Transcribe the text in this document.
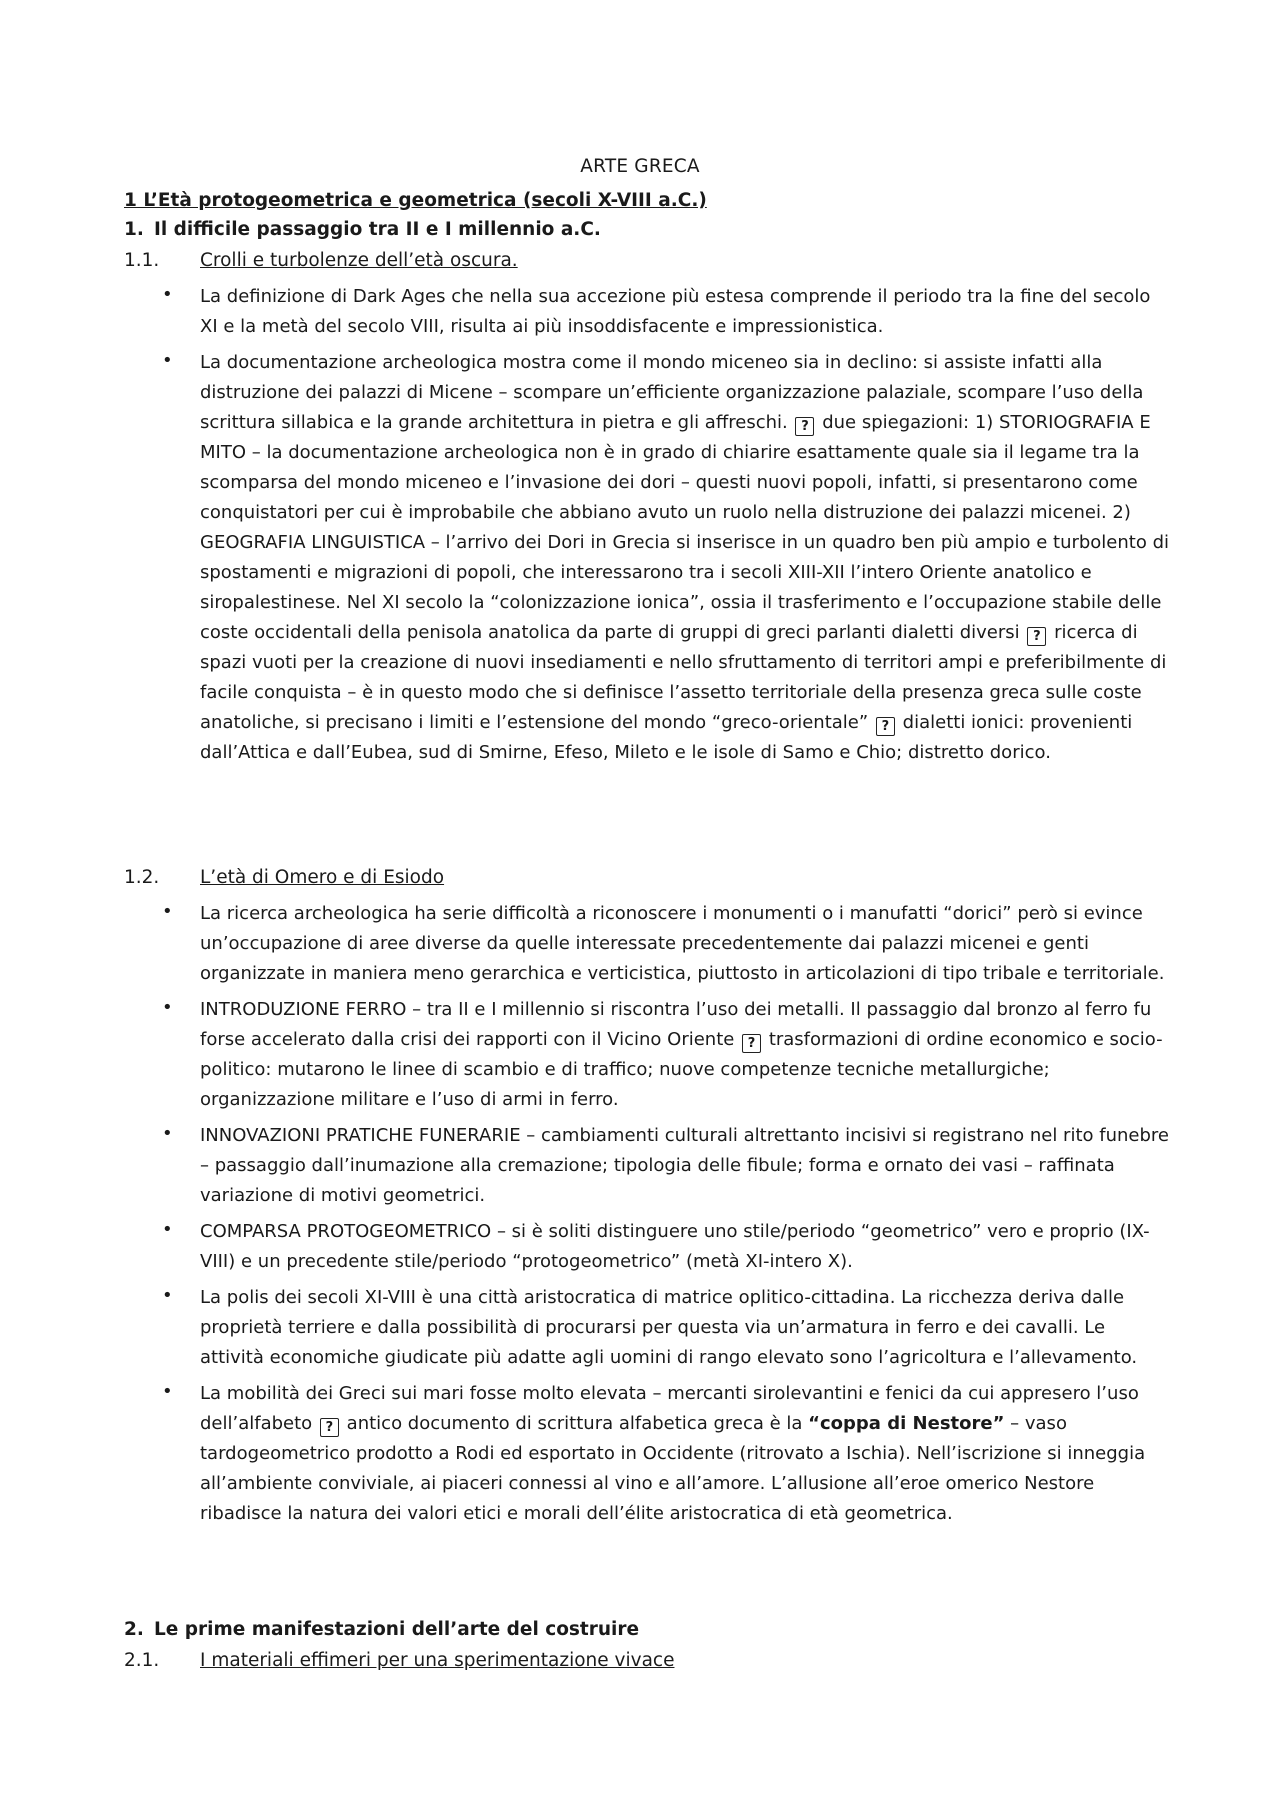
ARTE GRECA
1 L’Età protogeometrica e geometrica (secoli X-VIII a.C.)
1. Il difficile passaggio tra II e I millennio a.C.
1.1. Crolli e turbolenze dell’età oscura.
• La definizione di Dark Ages che nella sua accezione più estesa comprende il periodo tra la fine del secolo XI e la metà del secolo VIII, risulta ai più insoddisfacente e impressionistica.
• La documentazione archeologica mostra come il mondo miceneo sia in declino: si assiste infatti alla distruzione dei palazzi di Micene – scompare un’efficiente organizzazione palaziale, scompare l’uso della scrittura sillabica e la grande architettura in pietra e gli affreschi. ? due spiegazioni: 1) STORIOGRAFIA E MITO – la documentazione archeologica non è in grado di chiarire esattamente quale sia il legame tra la scomparsa del mondo miceneo e l’invasione dei dori – questi nuovi popoli, infatti, si presentarono come conquistatori per cui è improbabile che abbiano avuto un ruolo nella distruzione dei palazzi micenei. 2) GEOGRAFIA LINGUISTICA – l’arrivo dei Dori in Grecia si inserisce in un quadro ben più ampio e turbolento di spostamenti e migrazioni di popoli, che interessarono tra i secoli XIII-XII l’intero Oriente anatolico e siropalestinese. Nel XI secolo la “colonizzazione ionica”, ossia il trasferimento e l’occupazione stabile delle coste occidentali della penisola anatolica da parte di gruppi di greci parlanti dialetti diversi ? ricerca di spazi vuoti per la creazione di nuovi insediamenti e nello sfruttamento di territori ampi e preferibilmente di facile conquista – è in questo modo che si definisce l’assetto territoriale della presenza greca sulle coste anatoliche, si precisano i limiti e l’estensione del mondo “greco-orientale” ? dialetti ionici: provenienti dall’Attica e dall’Eubea, sud di Smirne, Efeso, Mileto e le isole di Samo e Chio; distretto dorico.
1.2. L’età di Omero e di Esiodo
• La ricerca archeologica ha serie difficoltà a riconoscere i monumenti o i manufatti “dorici” però si evince un’occupazione di aree diverse da quelle interessate precedentemente dai palazzi micenei e genti organizzate in maniera meno gerarchica e verticistica, piuttosto in articolazioni di tipo tribale e territoriale.
• INTRODUZIONE FERRO – tra II e I millennio si riscontra l’uso dei metalli. Il passaggio dal bronzo al ferro fu forse accelerato dalla crisi dei rapporti con il Vicino Oriente ? trasformazioni di ordine economico e socio-politico: mutarono le linee di scambio e di traffico; nuove competenze tecniche metallurgiche; organizzazione militare e l’uso di armi in ferro.
• INNOVAZIONI PRATICHE FUNERARIE – cambiamenti culturali altrettanto incisivi si registrano nel rito funebre – passaggio dall’inumazione alla cremazione; tipologia delle fibule; forma e ornato dei vasi – raffinata variazione di motivi geometrici.
• COMPARSA PROTOGEOMETRICO – si è soliti distinguere uno stile/periodo “geometrico” vero e proprio (IX-VIII) e un precedente stile/periodo “protogeometrico” (metà XI-intero X).
• La polis dei secoli XI-VIII è una città aristocratica di matrice oplitico-cittadina. La ricchezza deriva dalle proprietà terriere e dalla possibilità di procurarsi per questa via un’armatura in ferro e dei cavalli. Le attività economiche giudicate più adatte agli uomini di rango elevato sono l’agricoltura e l’allevamento.
• La mobilità dei Greci sui mari fosse molto elevata – mercanti sirolevantini e fenici da cui appresero l’uso dell’alfabeto ? antico documento di scrittura alfabetica greca è la “coppa di Nestore” – vaso tardogeometrico prodotto a Rodi ed esportato in Occidente (ritrovato a Ischia). Nell’iscrizione si inneggia all’ambiente conviviale, ai piaceri connessi al vino e all’amore. L’allusione all’eroe omerico Nestore ribadisce la natura dei valori etici e morali dell’élite aristocratica di età geometrica.
2. Le prime manifestazioni dell’arte del costruire
2.1. I materiali effimeri per una sperimentazione vivace
